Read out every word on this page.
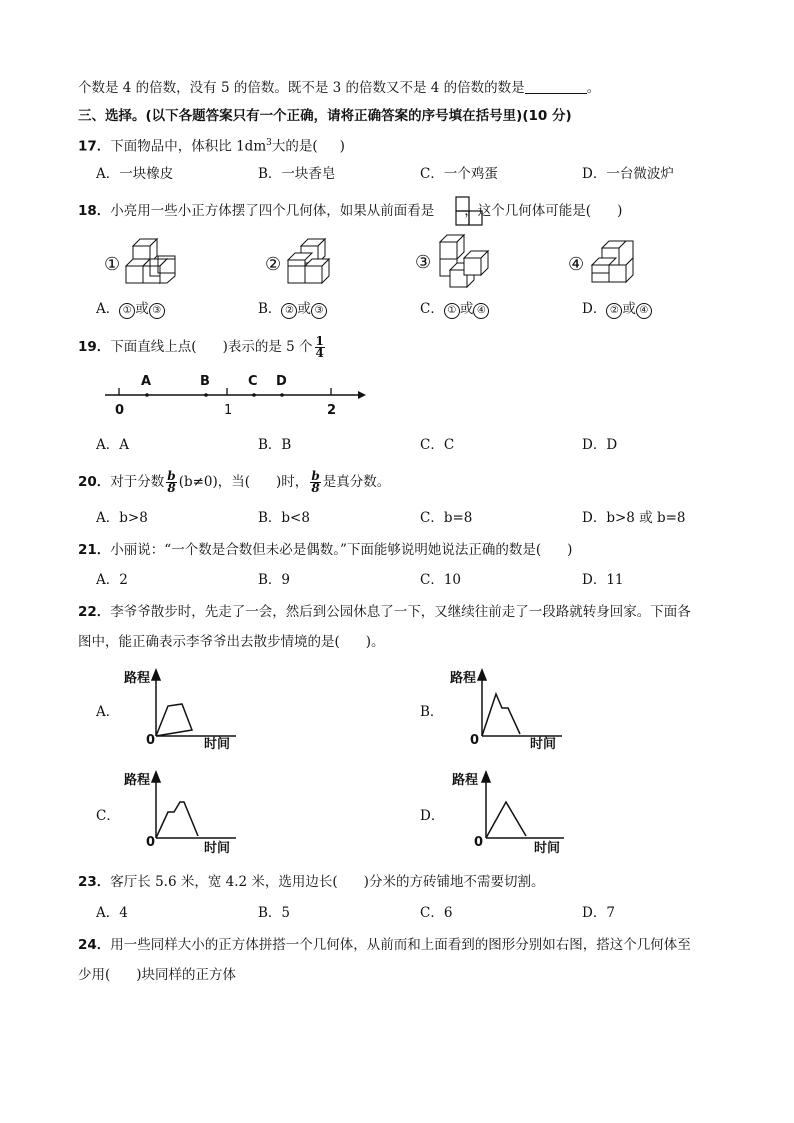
个数是 4 的倍数，没有 5 的倍数。既不是 3 的倍数又不是 4 的倍数的数是	。
三、选择。(以下各题答案只有一个正确，请将正确答案的序号填在括号里)(10 分)
17．下面物品中，体积比 $1dm^3$大的是( )
A．一块橡皮	B．一块香皂	C．一个鸡蛋	D．一台微波炉
18．小亮用一些小正方体摆了四个几何体，如果从前面看是 ，这个几何体可能是( )
①	②	③	④
A． ① 或 ③	B． ② 或 ③	C． ① 或 ④	D． ② 或 ④
19．下面直线上点( )表示的是 5 个 $\frac{1}{4}$
A	B	C D
0	1	2
A．A	B．B	C．C	D．D
20．对于分数 $\frac{b}{8} (b\ne 0)$，当( )时， $\frac{b}{8}$ 是真分数。
A．b>8	B．b<8	C．b=8	D．b>8 或 b=8
21．小丽说：“一个数是合数但未必是偶数。”下面能够说明她说法正确的数是( )
A．2	B．9	C．10	D．11
22．李爷爷散步时，先走了一会，然后到公园休息了一下，又继续往前走了一段路就转身回家。下面各
图中，能正确表示李爷爷出去散步情境的是( )。
A．	B．
C．	D．
路程
0	时间
路程
0	时间
路程
0	时间
路程
0	时间
23．客厅长 5.6 米，宽 4.2 米，选用边长( )分米的方砖铺地不需要切割。
A．4	B．5	C．6	D．7
24．用一些同样大小的正方体拼搭一个几何体，从前而和上面看到的图形分别如右图，搭这个几何体至
少用( )块同样的正方体
